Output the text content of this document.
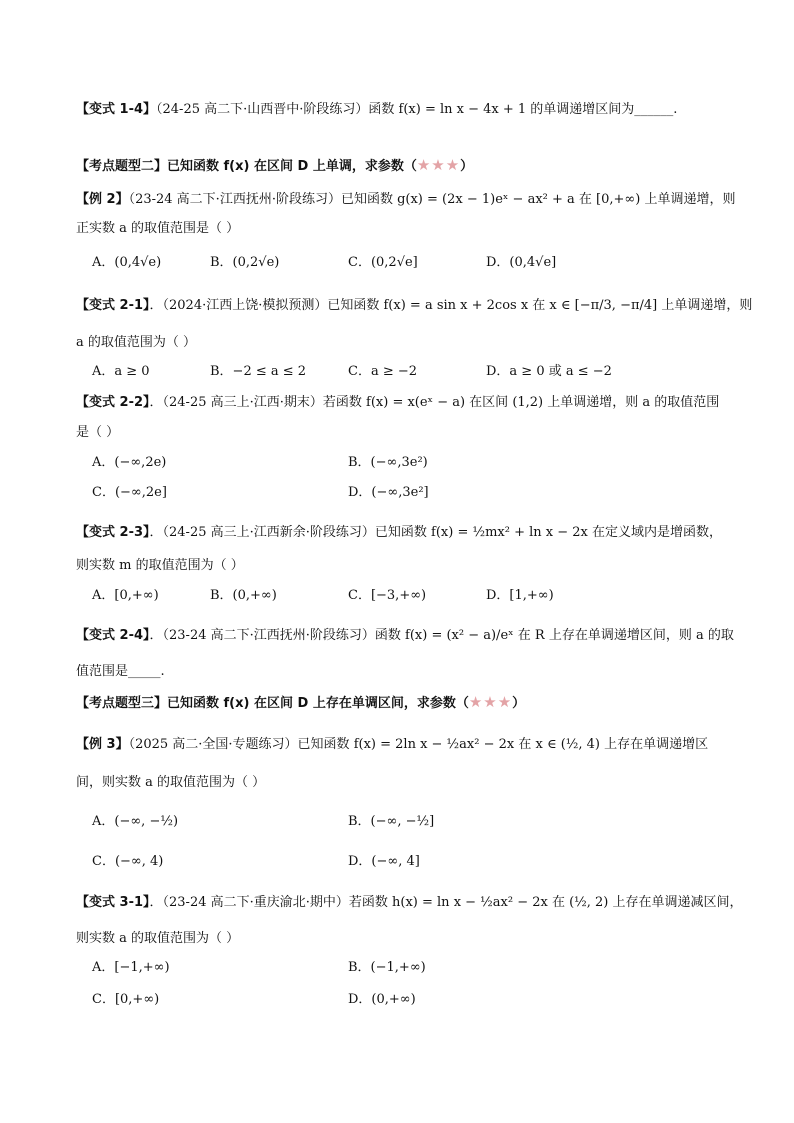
【变式 1-4】（24-25 高二下·山西晋中·阶段练习）函数 f(x) = ln x − 4x + 1 的单调递增区间为______.
【考点题型二】已知函数 f(x) 在区间 D 上单调，求参数（★★★）
【例 2】（23-24 高二下·江西抚州·阶段练习）已知函数 g(x) = (2x − 1)eˣ − ax² + a 在 [0,+∞) 上单调递增，则
正实数 a 的取值范围是（ ）
A．(0,4√e)	B．(0,2√e)	C．(0,2√e]	D．(0,4√e]
【变式 2-1】．（2024·江西上饶·模拟预测）已知函数 f(x) = a sin x + 2cos x 在 x ∈ [−π/3, −π/4] 上单调递增，则
a 的取值范围为（ ）
A．a ≥ 0	B．−2 ≤ a ≤ 2	C．a ≥ −2	D．a ≥ 0 或 a ≤ −2
【变式 2-2】．（24-25 高三上·江西·期末）若函数 f(x) = x(eˣ − a) 在区间 (1,2) 上单调递增，则 a 的取值范围
是（ ）
A．(−∞,2e)	B．(−∞,3e²)
C．(−∞,2e]	D．(−∞,3e²]
【变式 2-3】．（24-25 高三上·江西新余·阶段练习）已知函数 f(x) = ½mx² + ln x − 2x 在定义域内是增函数，
则实数 m 的取值范围为（ ）
A．[0,+∞)	B．(0,+∞)	C．[−3,+∞)	D．[1,+∞)
【变式 2-4】．（23-24 高二下·江西抚州·阶段练习）函数 f(x) = (x² − a)/eˣ 在 R 上存在单调递增区间，则 a 的取
值范围是_____.
【考点题型三】已知函数 f(x) 在区间 D 上存在单调区间，求参数（★★★）
【例 3】（2025 高二·全国·专题练习）已知函数 f(x) = 2ln x − ½ax² − 2x 在 x ∈ (½, 4) 上存在单调递增区
间，则实数 a 的取值范围为（ ）
A．(−∞, −½)	B．(−∞, −½]
C．(−∞, 4)	D．(−∞, 4]
【变式 3-1】．（23-24 高二下·重庆渝北·期中）若函数 h(x) = ln x − ½ax² − 2x 在 (½, 2) 上存在单调递减区间，
则实数 a 的取值范围为（ ）
A．[−1,+∞)	B．(−1,+∞)
C．[0,+∞)	D．(0,+∞)
